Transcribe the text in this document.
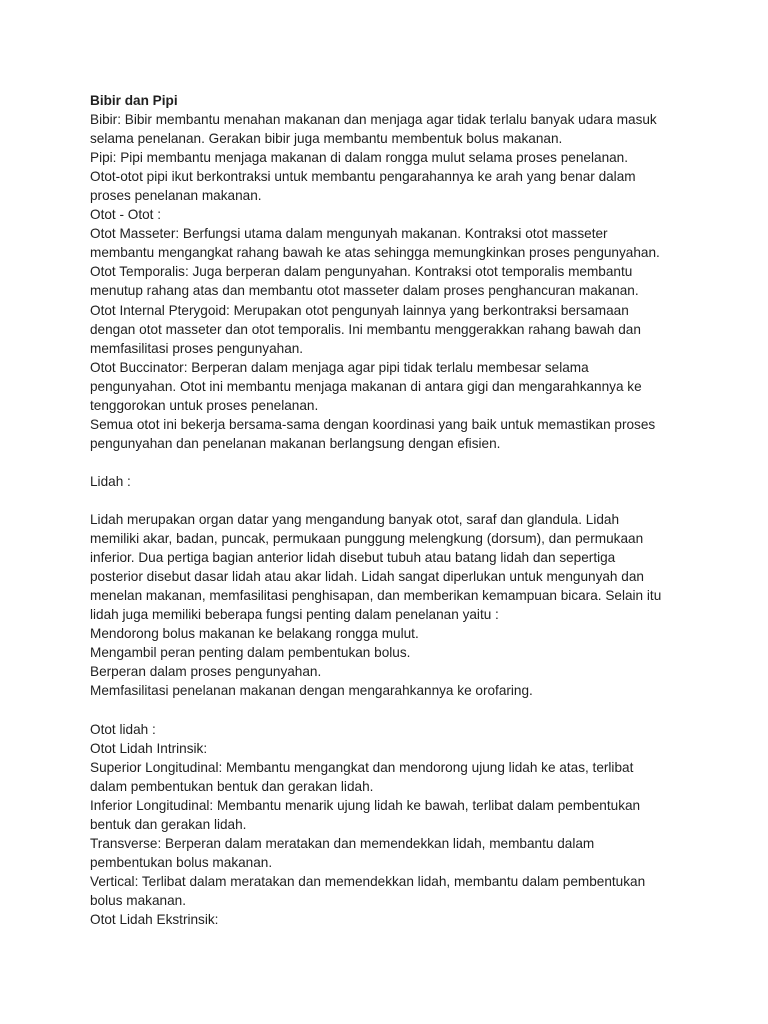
Bibir dan Pipi
Bibir: Bibir membantu menahan makanan dan menjaga agar tidak terlalu banyak udara masuk
selama penelanan. Gerakan bibir juga membantu membentuk bolus makanan.
Pipi: Pipi membantu menjaga makanan di dalam rongga mulut selama proses penelanan.
Otot-otot pipi ikut berkontraksi untuk membantu pengarahannya ke arah yang benar dalam
proses penelanan makanan.
Otot - Otot :
Otot Masseter: Berfungsi utama dalam mengunyah makanan. Kontraksi otot masseter
membantu mengangkat rahang bawah ke atas sehingga memungkinkan proses pengunyahan.
Otot Temporalis: Juga berperan dalam pengunyahan. Kontraksi otot temporalis membantu
menutup rahang atas dan membantu otot masseter dalam proses penghancuran makanan.
Otot Internal Pterygoid: Merupakan otot pengunyah lainnya yang berkontraksi bersamaan
dengan otot masseter dan otot temporalis. Ini membantu menggerakkan rahang bawah dan
memfasilitasi proses pengunyahan.
Otot Buccinator: Berperan dalam menjaga agar pipi tidak terlalu membesar selama
pengunyahan. Otot ini membantu menjaga makanan di antara gigi dan mengarahkannya ke
tenggorokan untuk proses penelanan.
Semua otot ini bekerja bersama-sama dengan koordinasi yang baik untuk memastikan proses
pengunyahan dan penelanan makanan berlangsung dengan efisien.
Lidah :
Lidah merupakan organ datar yang mengandung banyak otot, saraf dan glandula. Lidah
memiliki akar, badan, puncak, permukaan punggung melengkung (dorsum), dan permukaan
inferior. Dua pertiga bagian anterior lidah disebut tubuh atau batang lidah dan sepertiga
posterior disebut dasar lidah atau akar lidah. Lidah sangat diperlukan untuk mengunyah dan
menelan makanan, memfasilitasi penghisapan, dan memberikan kemampuan bicara. Selain itu
lidah juga memiliki beberapa fungsi penting dalam penelanan yaitu :
Mendorong bolus makanan ke belakang rongga mulut.
Mengambil peran penting dalam pembentukan bolus.
Berperan dalam proses pengunyahan.
Memfasilitasi penelanan makanan dengan mengarahkannya ke orofaring.
Otot lidah :
Otot Lidah Intrinsik:
Superior Longitudinal: Membantu mengangkat dan mendorong ujung lidah ke atas, terlibat
dalam pembentukan bentuk dan gerakan lidah.
Inferior Longitudinal: Membantu menarik ujung lidah ke bawah, terlibat dalam pembentukan
bentuk dan gerakan lidah.
Transverse: Berperan dalam meratakan dan memendekkan lidah, membantu dalam
pembentukan bolus makanan.
Vertical: Terlibat dalam meratakan dan memendekkan lidah, membantu dalam pembentukan
bolus makanan.
Otot Lidah Ekstrinsik:
